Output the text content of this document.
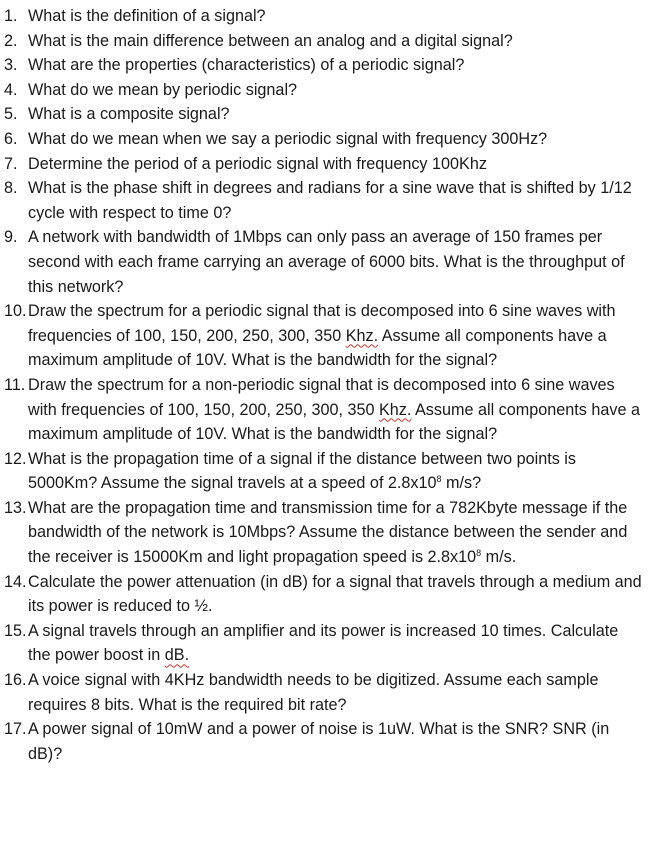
1. What is the definition of a signal?
2. What is the main difference between an analog and a digital signal?
3. What are the properties (characteristics) of a periodic signal?
4. What do we mean by periodic signal?
5. What is a composite signal?
6. What do we mean when we say a periodic signal with frequency 300Hz?
7. Determine the period of a periodic signal with frequency 100Khz
8. What is the phase shift in degrees and radians for a sine wave that is shifted by 1/12 cycle with respect to time 0?
9. A network with bandwidth of 1Mbps can only pass an average of 150 frames per second with each frame carrying an average of 6000 bits. What is the throughput of this network?
10. Draw the spectrum for a periodic signal that is decomposed into 6 sine waves with frequencies of 100, 150, 200, 250, 300, 350 Khz. Assume all components have a maximum amplitude of 10V. What is the bandwidth for the signal?
11. Draw the spectrum for a non-periodic signal that is decomposed into 6 sine waves with frequencies of 100, 150, 200, 250, 300, 350 Khz. Assume all components have a maximum amplitude of 10V. What is the bandwidth for the signal?
12. What is the propagation time of a signal if the distance between two points is 5000Km? Assume the signal travels at a speed of $2.8x10^8$ m/s?
13. What are the propagation time and transmission time for a 782Kbyte message if the bandwidth of the network is 10Mbps? Assume the distance between the sender and the receiver is 15000Km and light propagation speed is $2.8x10^8$ m/s.
14. Calculate the power attenuation (in dB) for a signal that travels through a medium and its power is reduced to ½.
15. A signal travels through an amplifier and its power is increased 10 times. Calculate the power boost in dB.
16. A voice signal with 4KHz bandwidth needs to be digitized. Assume each sample requires 8 bits. What is the required bit rate?
17. A power signal of 10mW and a power of noise is 1uW. What is the SNR? SNR (in dB)?
